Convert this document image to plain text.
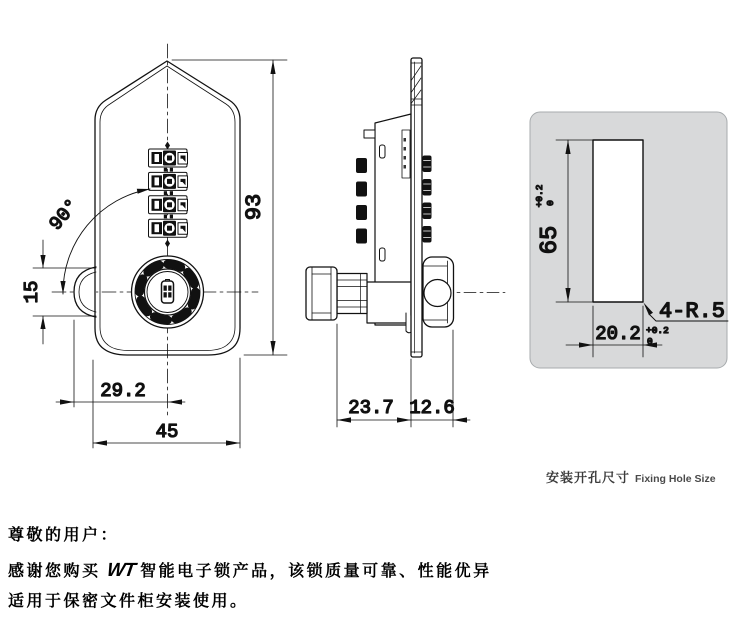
90°
15
93
29.2
45
23.7 12.6
65
+0.2 0
20.2 +0.2
0
4-R.5
安装开孔尺寸 Fixing Hole Size
尊敬的用户：
感谢您购买 WT 智能电子锁产品，该锁质量可靠、性能优异
适用于保密文件柜安装使用。
